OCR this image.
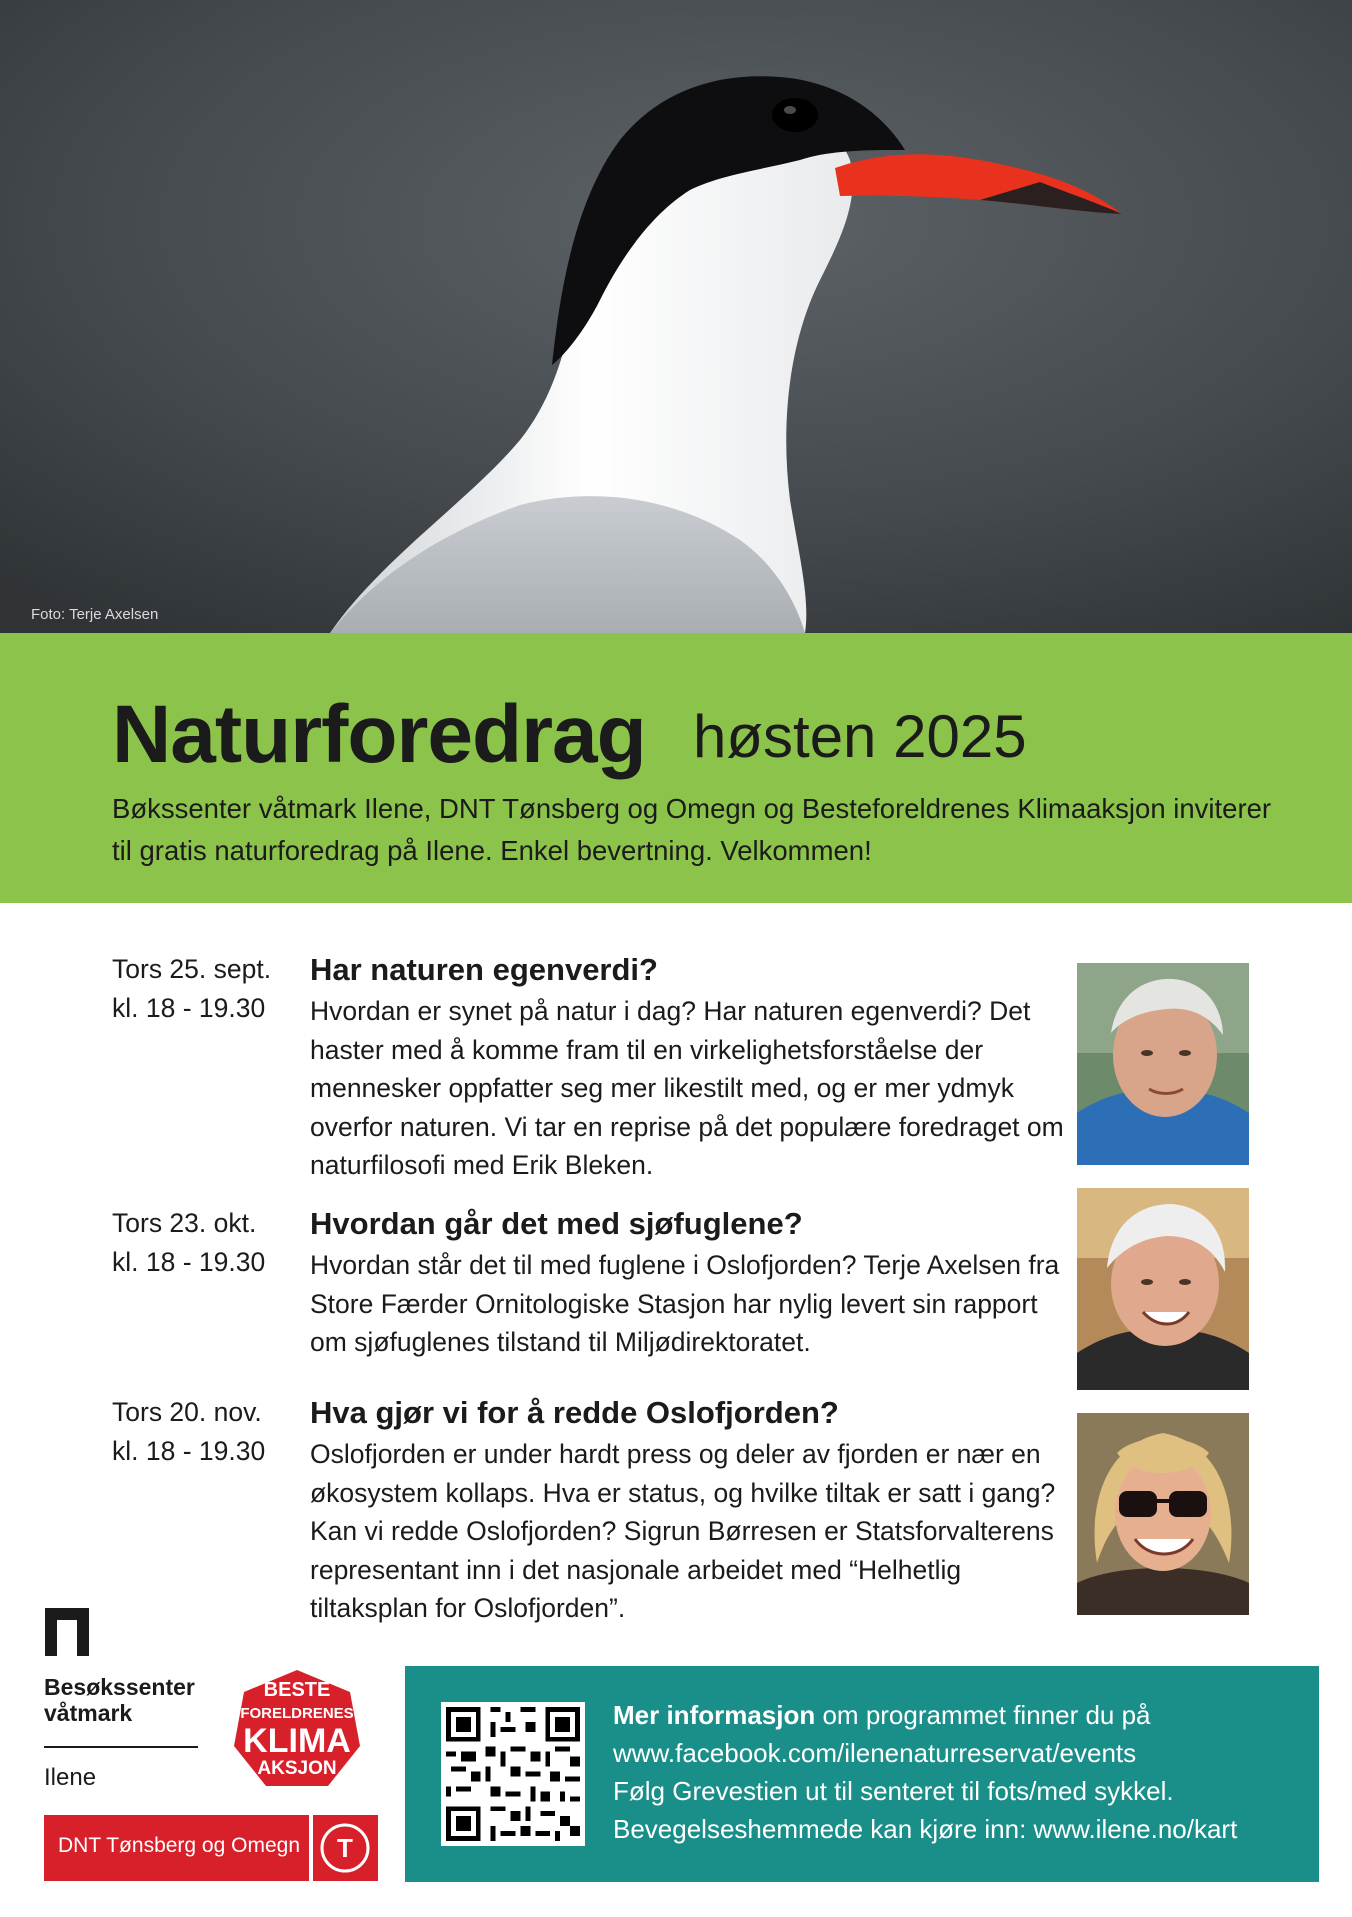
Foto: Terje Axelsen
Naturforedrag høsten 2025
Bøkssenter våtmark Ilene, DNT Tønsberg og Omegn og Besteforeldrenes Klimaaksjon inviterer til gratis naturforedrag på Ilene. Enkel bevertning. Velkommen!
Tors 25. sept.
kl. 18 - 19.30
Har naturen egenverdi?
Hvordan er synet på natur i dag? Har naturen egenverdi? Det haster med å komme fram til en virkelighetsforståelse der mennesker oppfatter seg mer likestilt med, og er mer ydmyk overfor naturen. Vi tar en reprise på det populære foredraget om naturfilosofi med Erik Bleken.
Tors 23. okt.
kl. 18 - 19.30
Hvordan går det med sjøfuglene?
Hvordan står det til med fuglene i Oslofjorden? Terje Axelsen fra Store Færder Ornitologiske Stasjon har nylig levert sin rapport om sjøfuglenes tilstand til Miljødirektoratet.
Tors 20. nov.
kl. 18 - 19.30
Hva gjør vi for å redde Oslofjorden?
Oslofjorden er under hardt press og deler av fjorden er nær en økosystem kollaps. Hva er status, og hvilke tiltak er satt i gang? Kan vi redde Oslofjorden? Sigrun Børresen er Statsforvalterens representant inn i det nasjonale arbeidet med “Helhetlig tiltaksplan for Oslofjorden”.
Besøkssenter
våtmark
Ilene
BESTE
FORELDRENES
KLIMA
AKSJON
DNT Tønsberg og Omegn T
Mer informasjon om programmet finner du på
www.facebook.com/ilenenaturreservat/events
Følg Grevestien ut til senteret til fots/med sykkel.
Bevegelseshemmede kan kjøre inn: www.ilene.no/kart
